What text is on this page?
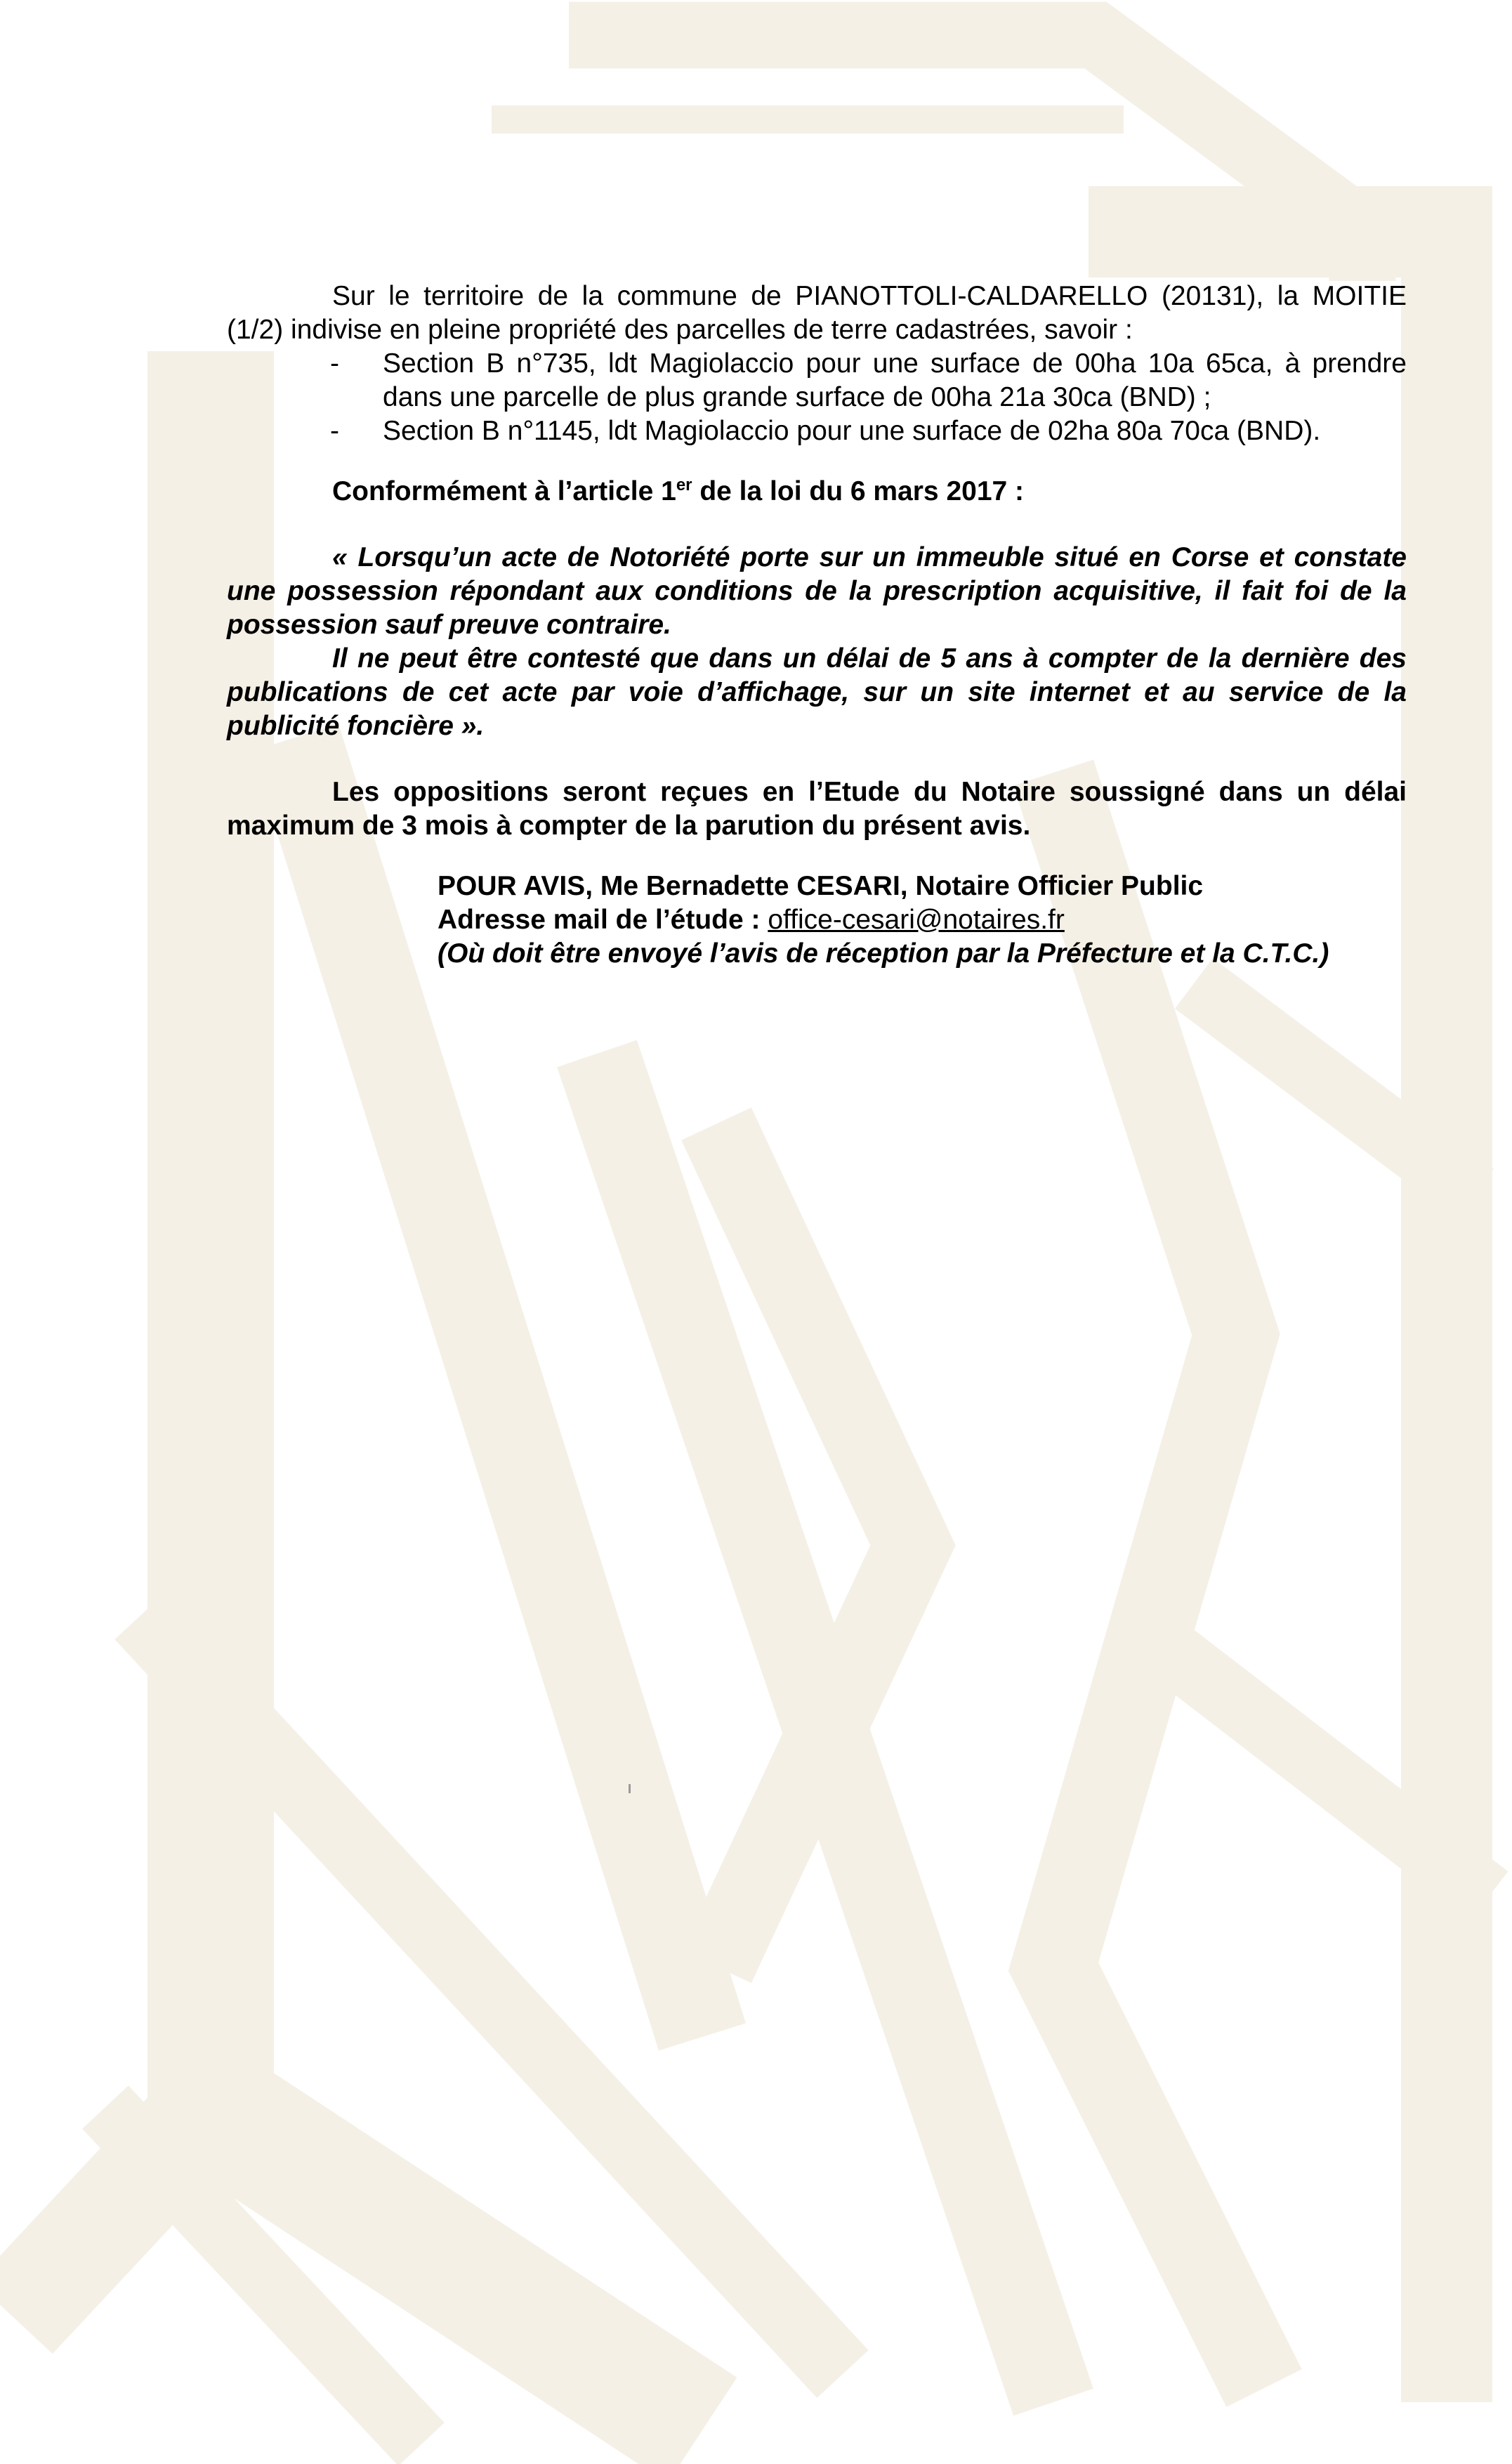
Sur le territoire de la commune de PIANOTTOLI-CALDARELLO (20131), la MOITIE (1/2) indivise en pleine propriété des parcelles de terre cadastrées, savoir :

- Section B n°735, ldt Magiolaccio pour une surface de 00ha 10a 65ca, à prendre dans une parcelle de plus grande surface de 00ha 21a 30ca (BND) ;
- Section B n°1145, ldt Magiolaccio pour une surface de 02ha 80a 70ca (BND).

Conformément à l’article 1er de la loi du 6 mars 2017 :

« Lorsqu’un acte de Notoriété porte sur un immeuble situé en Corse et constate une possession répondant aux conditions de la prescription acquisitive, il fait foi de la possession sauf preuve contraire.

Il ne peut être contesté que dans un délai de 5 ans à compter de la dernière des publications de cet acte par voie d’affichage, sur un site internet et au service de la publicité foncière ».

Les oppositions seront reçues en l’Etude du Notaire soussigné dans un délai maximum de 3 mois à compter de la parution du présent avis.

POUR AVIS, Me Bernadette CESARI, Notaire Officier Public
Adresse mail de l’étude : office-cesari@notaires.fr
(Où doit être envoyé l’avis de réception par la Préfecture et la C.T.C.)
